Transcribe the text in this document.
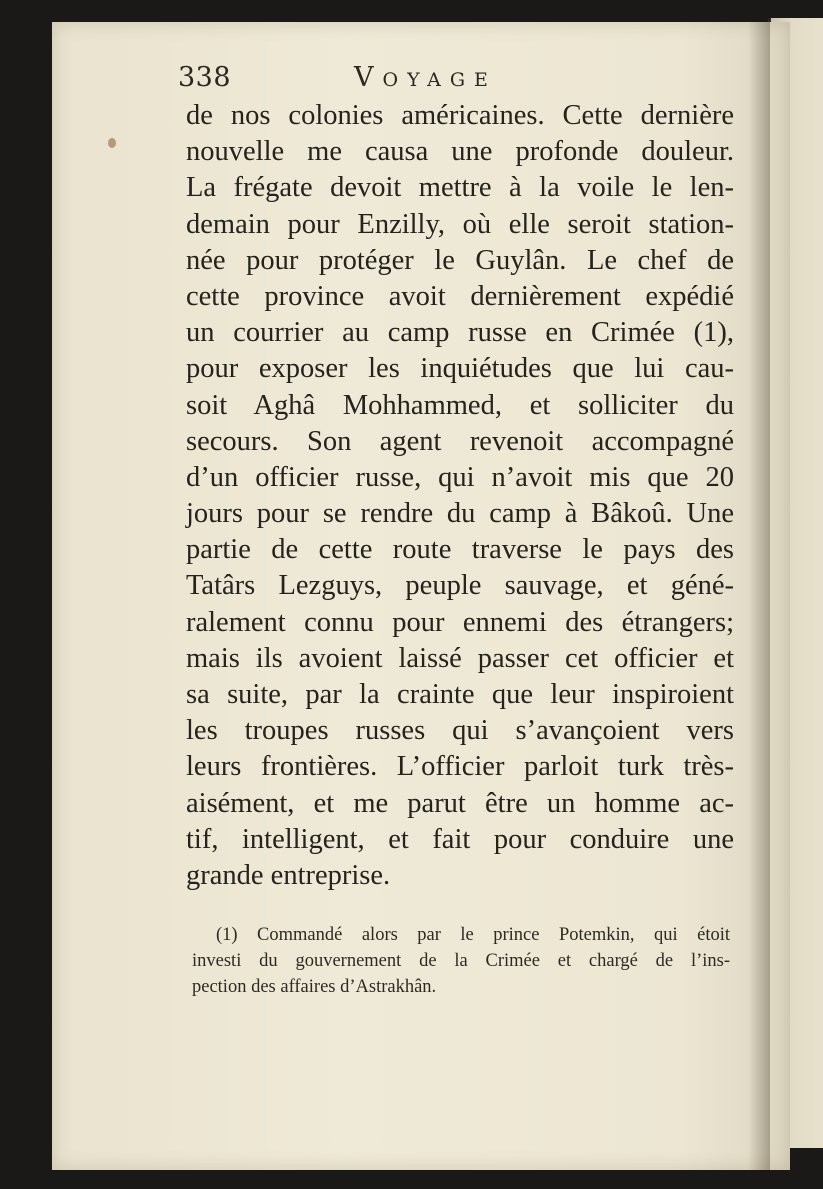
338	Voyage
de nos colonies américaines. Cette dernière
nouvelle me causa une profonde douleur.
La frégate devoit mettre à la voile le len-
demain pour Enzilly, où elle seroit station-
née pour protéger le Guylân. Le chef de
cette province avoit dernièrement expédié
un courrier au camp russe en Crimée (1),
pour exposer les inquiétudes que lui cau-
soit Aghâ Mohhammed, et solliciter du
secours. Son agent revenoit accompagné
d’un officier russe, qui n’avoit mis que 20
jours pour se rendre du camp à Bâkoû. Une
partie de cette route traverse le pays des
Tatârs Lezguys, peuple sauvage, et géné-
ralement connu pour ennemi des étrangers;
mais ils avoient laissé passer cet officier et
sa suite, par la crainte que leur inspiroient
les troupes russes qui s’avançoient vers
leurs frontières. L’officier parloit turk très-
aisément, et me parut être un homme ac-
tif, intelligent, et fait pour conduire une
grande entreprise.
(1) Commandé alors par le prince Potemkin, qui étoit
investi du gouvernement de la Crimée et chargé de l’ins-
pection des affaires d’Astrakhân.
